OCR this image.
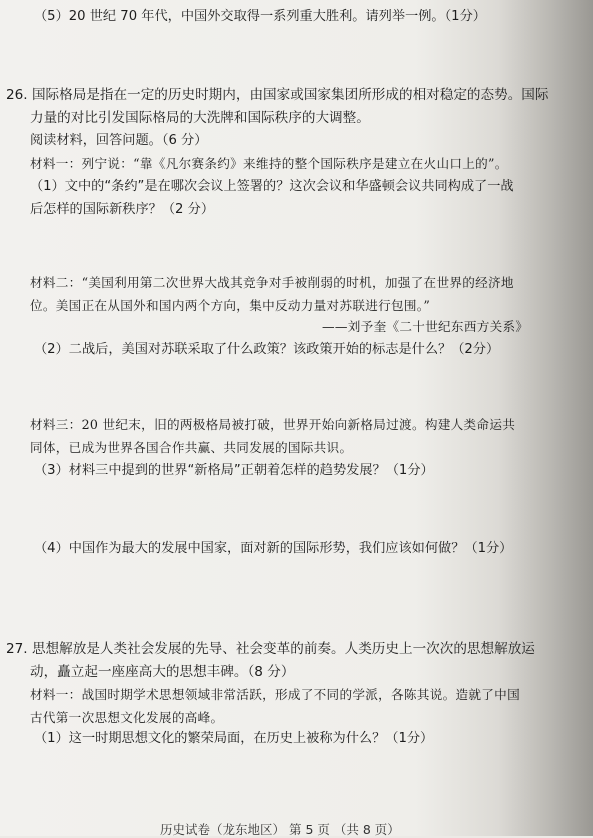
（5）20 世纪 70 年代，中国外交取得一系列重大胜利。请列举一例。（1分）
26. 国际格局是指在一定的历史时期内，由国家或国家集团所形成的相对稳定的态势。国际
力量的对比引发国际格局的大洗牌和国际秩序的大调整。
阅读材料，回答问题。（6 分）
材料一：列宁说：“靠《凡尔赛条约》来维持的整个国际秩序是建立在火山口上的”。
（1）文中的“条约”是在哪次会议上签署的？这次会议和华盛顿会议共同构成了一战
后怎样的国际新秩序？（2 分）
材料二：“美国利用第二次世界大战其竞争对手被削弱的时机，加强了在世界的经济地
位。美国正在从国外和国内两个方向，集中反动力量对苏联进行包围。”
——刘予奎《二十世纪东西方关系》
（2）二战后，美国对苏联采取了什么政策？该政策开始的标志是什么？（2分）
材料三：20 世纪末，旧的两极格局被打破，世界开始向新格局过渡。构建人类命运共
同体，已成为世界各国合作共赢、共同发展的国际共识。
（3）材料三中提到的世界“新格局”正朝着怎样的趋势发展？（1分）
（4）中国作为最大的发展中国家，面对新的国际形势，我们应该如何做？（1分）
27. 思想解放是人类社会发展的先导、社会变革的前奏。人类历史上一次次的思想解放运
动，矗立起一座座高大的思想丰碑。（8 分）
材料一：战国时期学术思想领域非常活跃，形成了不同的学派，各陈其说。造就了中国
古代第一次思想文化发展的高峰。
（1）这一时期思想文化的繁荣局面，在历史上被称为什么？（1分）
历史试卷（龙东地区） 第 5 页 （共 8 页）
